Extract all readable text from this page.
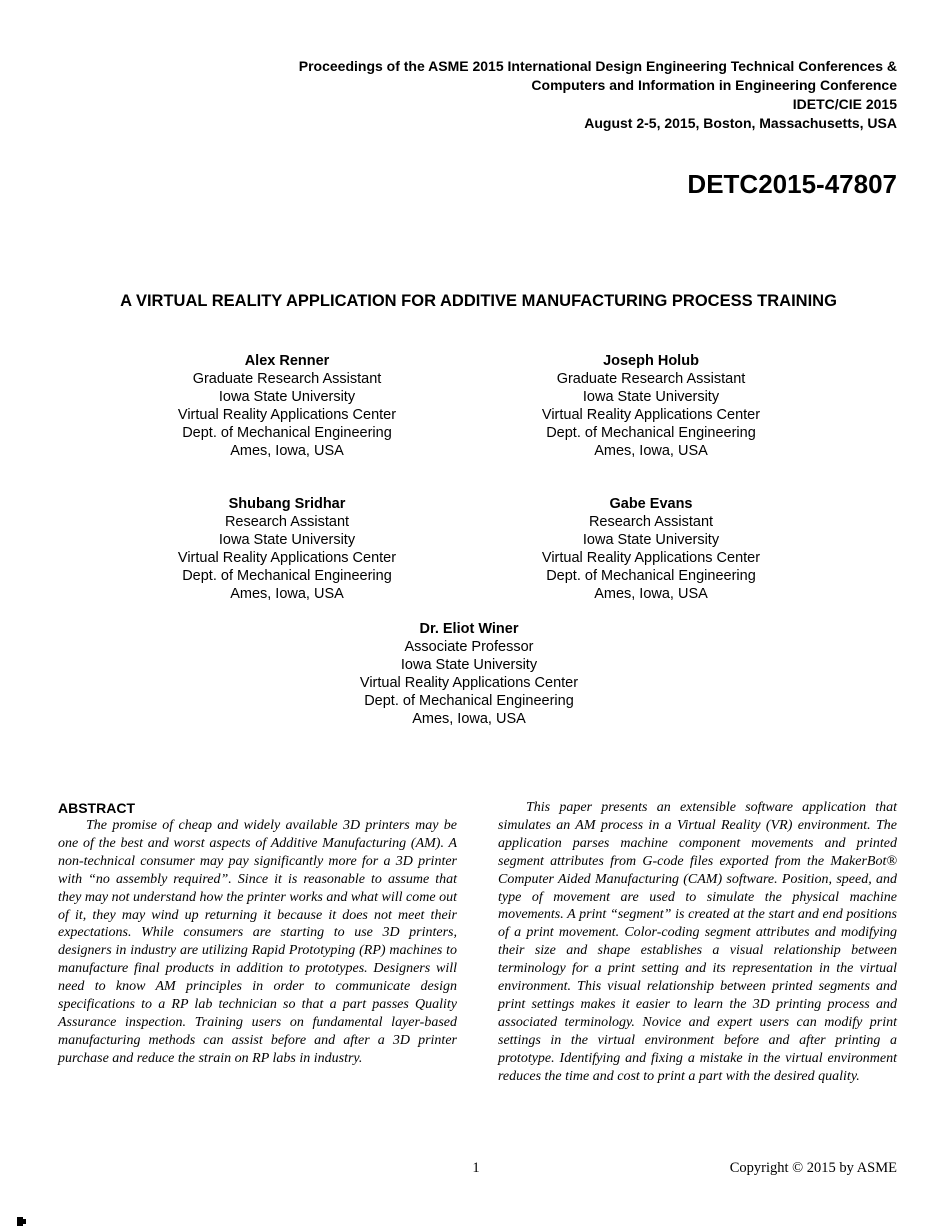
Proceedings of the ASME 2015 International Design Engineering Technical Conferences &
Computers and Information in Engineering Conference
IDETC/CIE 2015
August 2-5, 2015, Boston, Massachusetts, USA
DETC2015-47807
A VIRTUAL REALITY APPLICATION FOR ADDITIVE MANUFACTURING PROCESS TRAINING
Alex Renner
Graduate Research Assistant
Iowa State University
Virtual Reality Applications Center
Dept. of Mechanical Engineering
Ames, Iowa, USA
Joseph Holub
Graduate Research Assistant
Iowa State University
Virtual Reality Applications Center
Dept. of Mechanical Engineering
Ames, Iowa, USA
Shubang Sridhar
Research Assistant
Iowa State University
Virtual Reality Applications Center
Dept. of Mechanical Engineering
Ames, Iowa, USA
Gabe Evans
Research Assistant
Iowa State University
Virtual Reality Applications Center
Dept. of Mechanical Engineering
Ames, Iowa, USA
Dr. Eliot Winer
Associate Professor
Iowa State University
Virtual Reality Applications Center
Dept. of Mechanical Engineering
Ames, Iowa, USA
ABSTRACT

The promise of cheap and widely available 3D printers may be one of the best and worst aspects of Additive Manufacturing (AM). A non-technical consumer may pay significantly more for a 3D printer with “no assembly required”. Since it is reasonable to assume that they may not understand how the printer works and what will come out of it, they may wind up returning it because it does not meet their expectations. While consumers are starting to use 3D printers, designers in industry are utilizing Rapid Prototyping (RP) machines to manufacture final products in addition to prototypes. Designers will need to know AM principles in order to communicate design specifications to a RP lab technician so that a part passes Quality Assurance inspection. Training users on fundamental layer-based manufacturing methods can assist before and after a 3D printer purchase and reduce the strain on RP labs in industry.

This paper presents an extensible software application that simulates an AM process in a Virtual Reality (VR) environment. The application parses machine component movements and printed segment attributes from G-code files exported from the MakerBot® Computer Aided Manufacturing (CAM) software. Position, speed, and type of movement are used to simulate the physical machine movements. A print “segment” is created at the start and end positions of a print movement. Color-coding segment attributes and modifying their size and shape establishes a visual relationship between terminology for a print setting and its representation in the virtual environment. This visual relationship between printed segments and print settings makes it easier to learn the 3D printing process and associated terminology. Novice and expert users can modify print settings in the virtual environment before and after printing a prototype. Identifying and fixing a mistake in the virtual environment reduces the time and cost to print a part with the desired quality.

1	Copyright © 2015 by ASME
